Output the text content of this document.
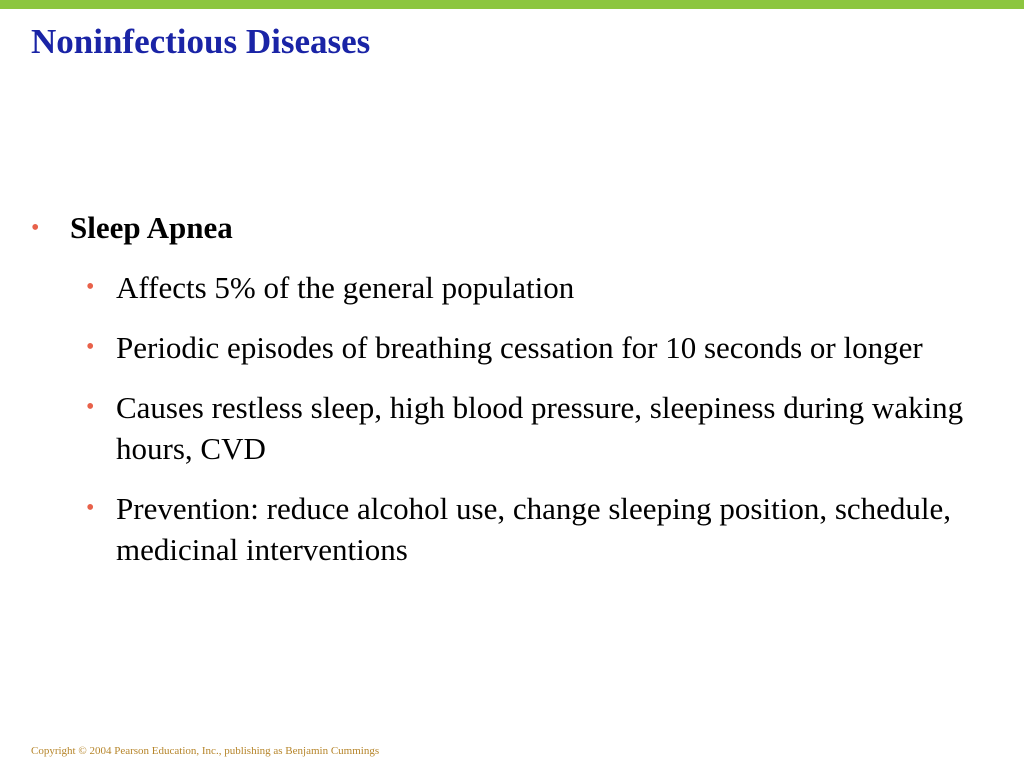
Noninfectious Diseases
• Sleep Apnea
• Affects 5% of the general population
• Periodic episodes of breathing cessation for 10 seconds or longer
• Causes restless sleep, high blood pressure, sleepiness during waking hours, CVD
• Prevention: reduce alcohol use, change sleeping position, schedule, medicinal interventions
Copyright © 2004 Pearson Education, Inc., publishing as Benjamin Cummings
